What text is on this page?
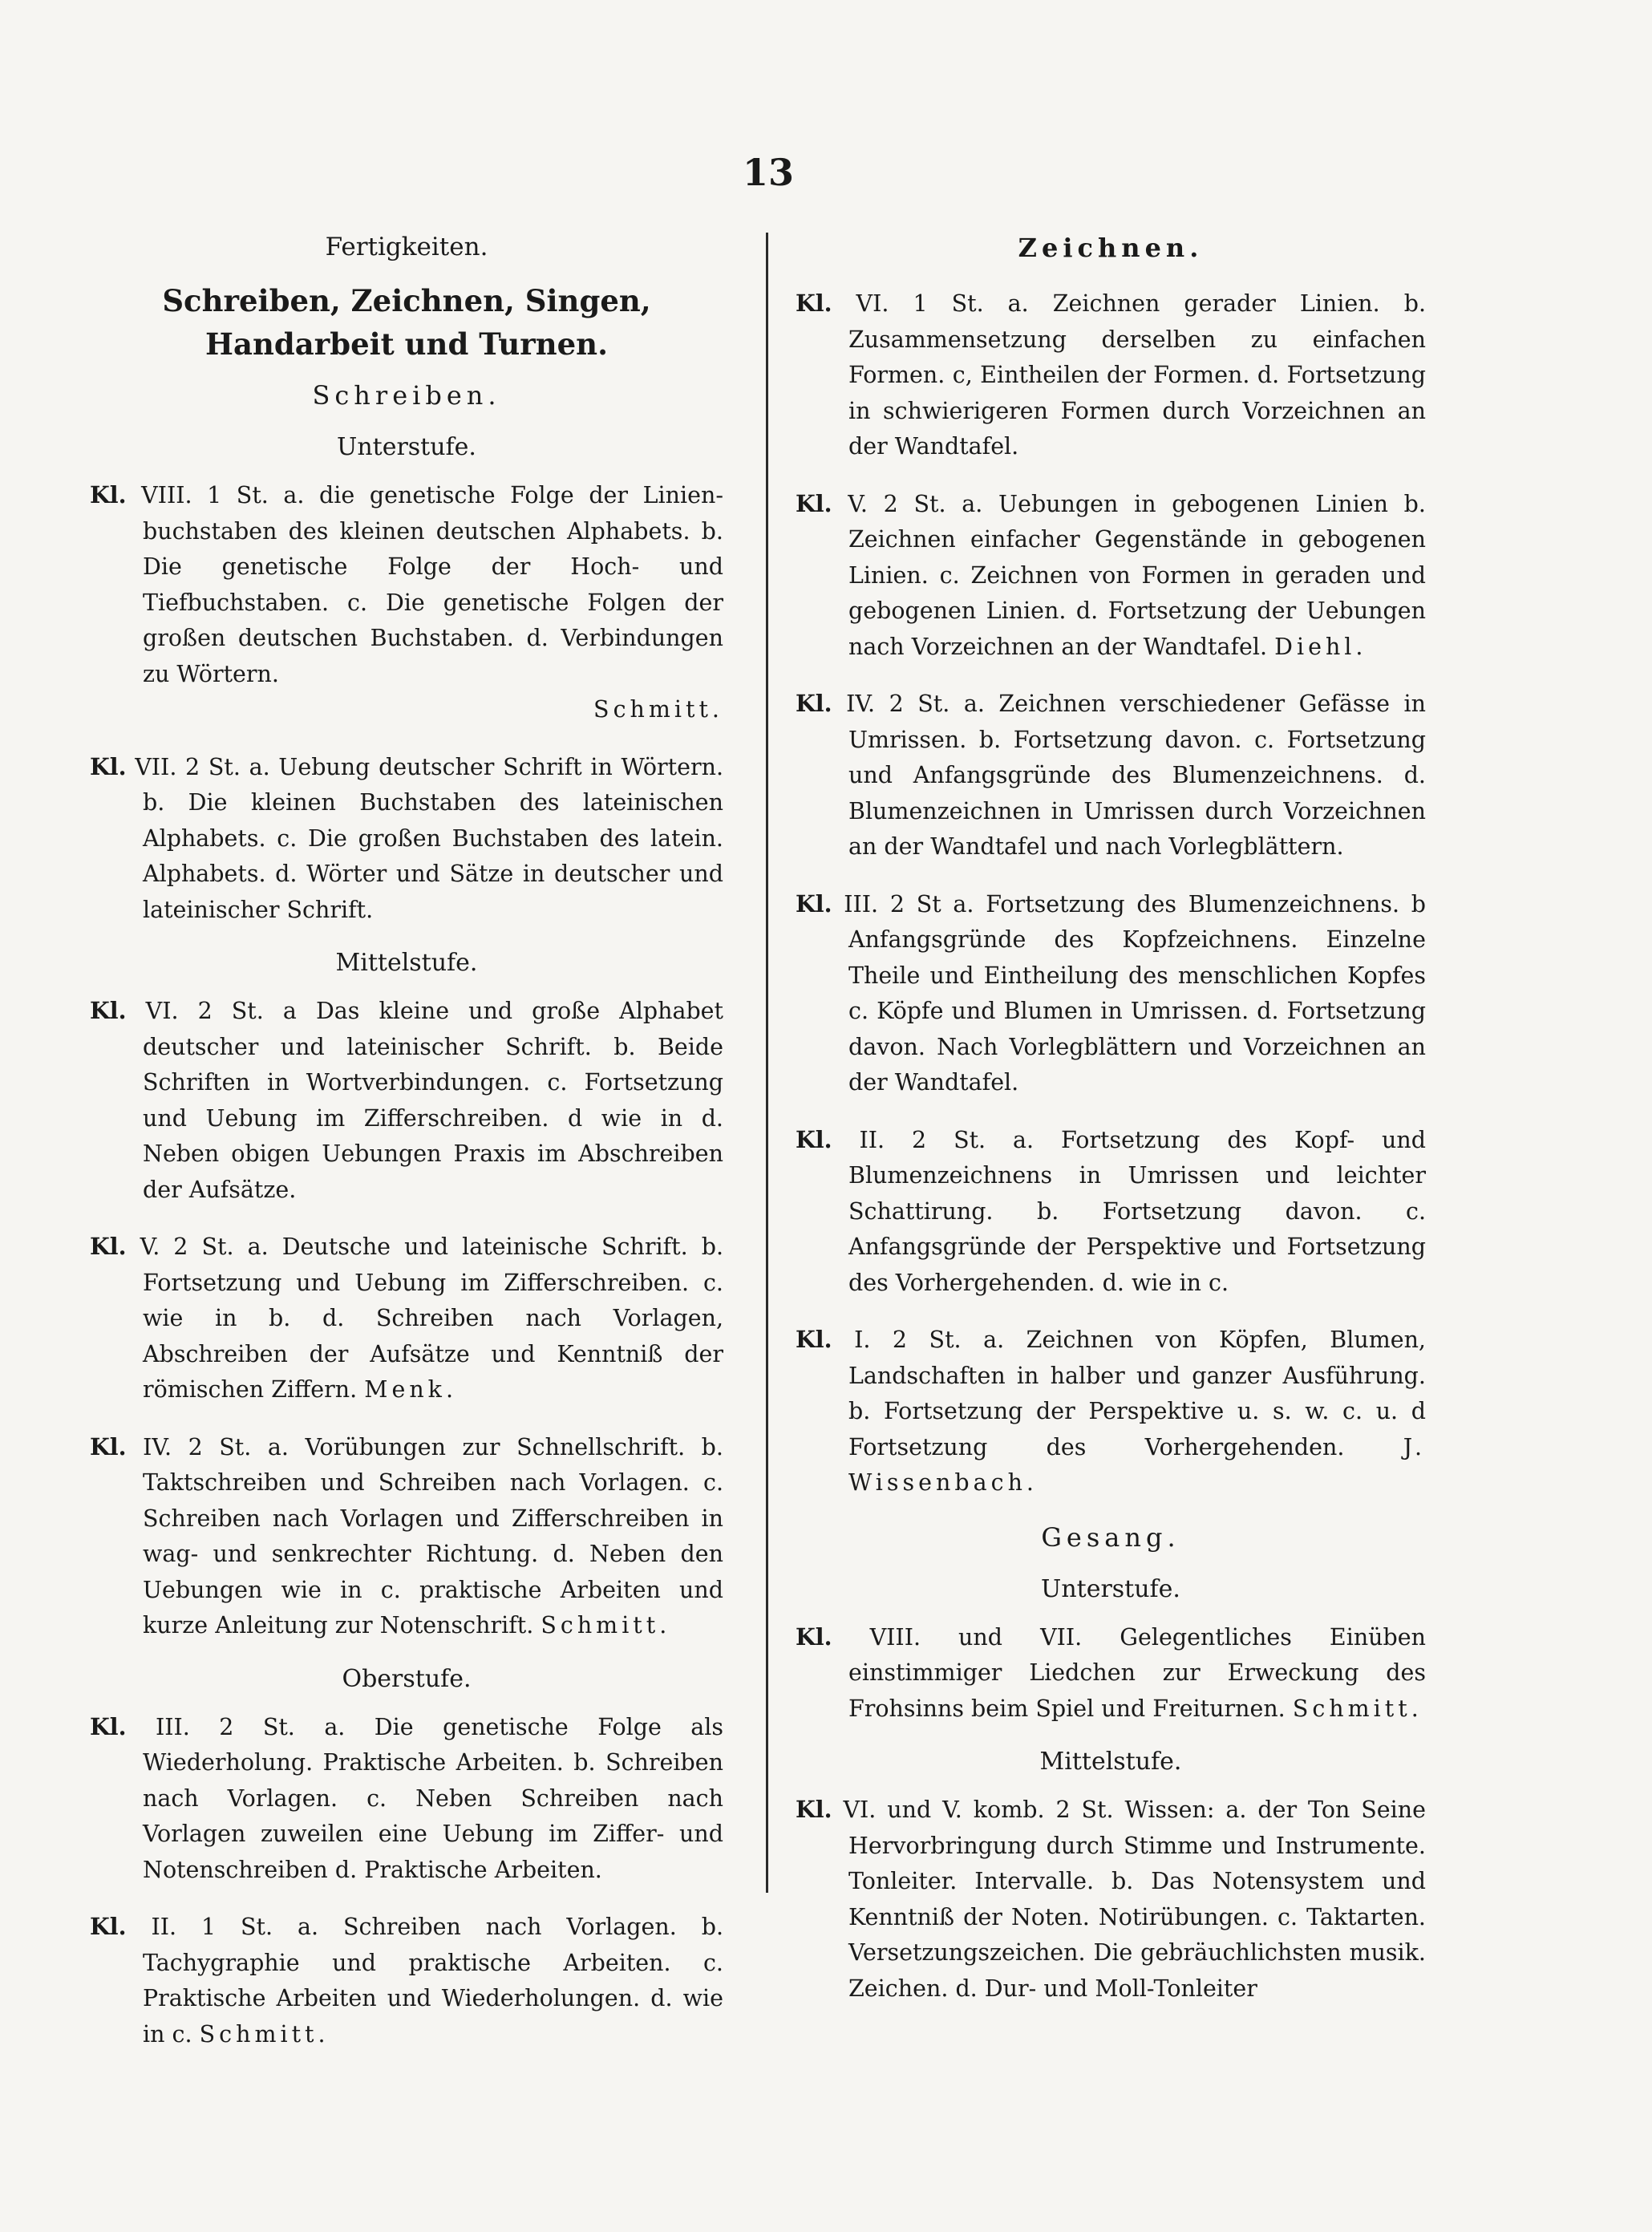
13
Fertigkeiten.
Schreiben, Zeichnen, Singen, Handarbeit und Turnen.
Schreiben.
Unterstufe.
Kl. VIII. 1 St. a. die genetische Folge der Linien-buchstaben des kleinen deutschen Alphabets. b. Die genetische Folge der Hoch- und Tiefbuchstaben. c. Die genetische Folgen der großen deutschen Buchstaben. d. Verbindungen zu Wörtern.
Schmitt.
Kl. VII. 2 St. a. Uebung deutscher Schrift in Wörtern. b. Die kleinen Buchstaben des lateinischen Alphabets. c. Die großen Buchstaben des latein. Alphabets. d. Wörter und Sätze in deutscher und lateinischer Schrift.
Mittelstufe.
Kl. VI. 2 St. a Das kleine und große Alphabet deutscher und lateinischer Schrift. b. Beide Schriften in Wortverbindungen. c. Fortsetzung und Uebung im Zifferschreiben. d wie in d. Neben obigen Uebungen Praxis im Abschreiben der Aufsätze.
Kl. V. 2 St. a. Deutsche und lateinische Schrift. b. Fortsetzung und Uebung im Zifferschreiben. c. wie in b. d. Schreiben nach Vorlagen, Abschreiben der Aufsätze und Kenntniß der römischen Ziffern. Menk.
Kl. IV. 2 St. a. Vorübungen zur Schnellschrift. b. Taktschreiben und Schreiben nach Vorlagen. c. Schreiben nach Vorlagen und Zifferschreiben in wag- und senkrechter Richtung. d. Neben den Uebungen wie in c. praktische Arbeiten und kurze Anleitung zur Notenschrift. Schmitt.
Oberstufe.
Kl. III. 2 St. a. Die genetische Folge als Wiederholung. Praktische Arbeiten. b. Schreiben nach Vorlagen. c. Neben Schreiben nach Vorlagen zuweilen eine Uebung im Ziffer- und Notenschreiben d. Praktische Arbeiten.
Kl. II. 1 St. a. Schreiben nach Vorlagen. b. Tachygraphie und praktische Arbeiten. c. Praktische Arbeiten und Wiederholungen. d. wie in c. Schmitt.
Zeichnen.
Kl. VI. 1 St. a. Zeichnen gerader Linien. b. Zusammensetzung derselben zu einfachen Formen. c, Eintheilen der Formen. d. Fortsetzung in schwierigeren Formen durch Vorzeichnen an der Wandtafel.
Kl. V. 2 St. a. Uebungen in gebogenen Linien b. Zeichnen einfacher Gegenstände in gebogenen Linien. c. Zeichnen von Formen in geraden und gebogenen Linien. d. Fortsetzung der Uebungen nach Vorzeichnen an der Wandtafel. Diehl.
Kl. IV. 2 St. a. Zeichnen verschiedener Gefässe in Umrissen. b. Fortsetzung davon. c. Fortsetzung und Anfangsgründe des Blumenzeichnens. d. Blumenzeichnen in Umrissen durch Vorzeichnen an der Wandtafel und nach Vorlegblättern.
Kl. III. 2 St a. Fortsetzung des Blumenzeichnens. b Anfangsgründe des Kopfzeichnens. Einzelne Theile und Eintheilung des menschlichen Kopfes c. Köpfe und Blumen in Umrissen. d. Fortsetzung davon. Nach Vorlegblättern und Vorzeichnen an der Wandtafel.
Kl. II. 2 St. a. Fortsetzung des Kopf- und Blumenzeichnens in Umrissen und leichter Schattirung. b. Fortsetzung davon. c. Anfangsgründe der Perspektive und Fortsetzung des Vorhergehenden. d. wie in c.
Kl. I. 2 St. a. Zeichnen von Köpfen, Blumen, Landschaften in halber und ganzer Ausführung. b. Fortsetzung der Perspektive u. s. w. c. u. d Fortsetzung des Vorhergehenden.	J. Wissenbach.
Gesang.
Unterstufe.
Kl. VIII. und VII. Gelegentliches Einüben einstimmiger Liedchen zur Erweckung des Frohsinns beim Spiel und Freiturnen. Schmitt.
Mittelstufe.
Kl. VI. und V. komb. 2 St. Wissen: a. der Ton Seine Hervorbringung durch Stimme und Instrumente. Tonleiter. Intervalle. b. Das Notensystem und Kenntniß der Noten. Notirübungen. c. Taktarten. Versetzungszeichen. Die gebräuchlichsten musik. Zeichen. d. Dur- und Moll-Tonleiter
